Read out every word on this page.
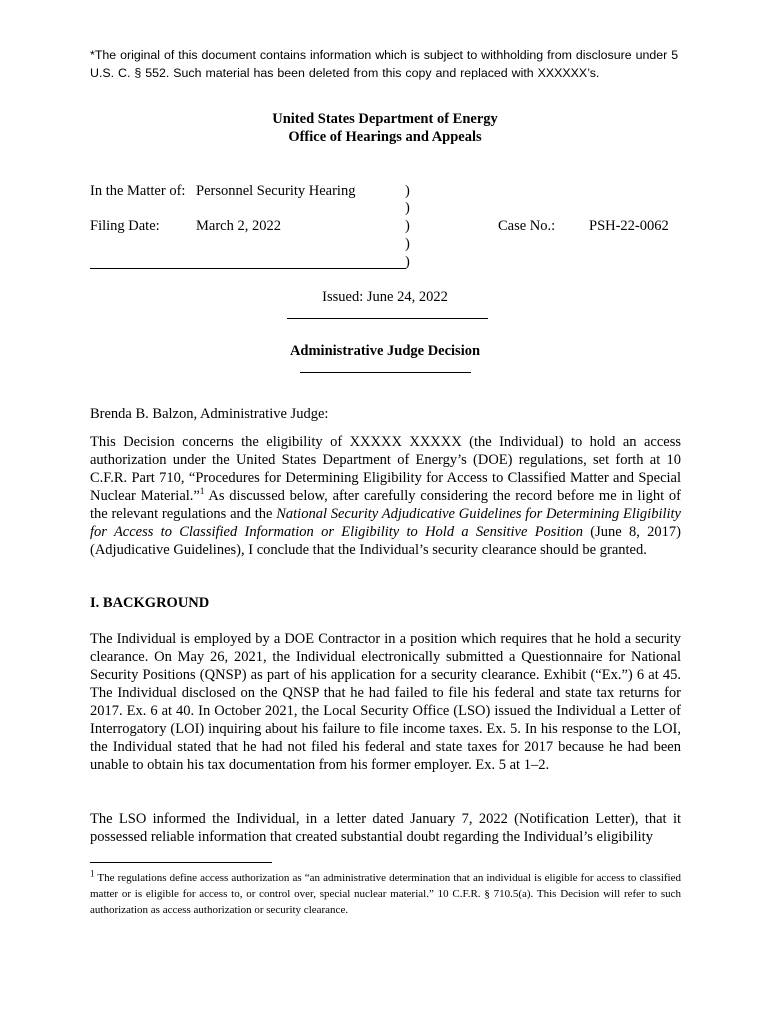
*The original of this document contains information which is subject to withholding from disclosure under 5 U.S. C. § 552. Such material has been deleted from this copy and replaced with XXXXXX’s.
United States Department of Energy
Office of Hearings and Appeals
In the Matter of: Personnel Security Hearing
Filing Date:	March 2, 2022	Case No.: PSH-22-0062
)
)
)
)
)
Issued: June 24, 2022
Administrative Judge Decision
Brenda B. Balzon, Administrative Judge:
This Decision concerns the eligibility of XXXXX XXXXX (the Individual) to hold an access authorization under the United States Department of Energy’s (DOE) regulations, set forth at 10 C.F.R. Part 710, “Procedures for Determining Eligibility for Access to Classified Matter and Special Nuclear Material.”$^1$ As discussed below, after carefully considering the record before me in light of the relevant regulations and the National Security Adjudicative Guidelines for Determining Eligibility for Access to Classified Information or Eligibility to Hold a Sensitive Position (June 8, 2017) (Adjudicative Guidelines), I conclude that the Individual’s security clearance should be granted.
I. BACKGROUND
The Individual is employed by a DOE Contractor in a position which requires that he hold a security clearance. On May 26, 2021, the Individual electronically submitted a Questionnaire for National Security Positions (QNSP) as part of his application for a security clearance. Exhibit (“Ex.”) 6 at 45. The Individual disclosed on the QNSP that he had failed to file his federal and state tax returns for 2017. Ex. 6 at 40. In October 2021, the Local Security Office (LSO) issued the Individual a Letter of Interrogatory (LOI) inquiring about his failure to file income taxes. Ex. 5. In his response to the LOI, the Individual stated that he had not filed his federal and state taxes for 2017 because he had been unable to obtain his tax documentation from his former employer. Ex. 5 at 1–2.
The LSO informed the Individual, in a letter dated January 7, 2022 (Notification Letter), that it possessed reliable information that created substantial doubt regarding the Individual’s eligibility
$^1$ The regulations define access authorization as “an administrative determination that an individual is eligible for access to classified matter or is eligible for access to, or control over, special nuclear material.” 10 C.F.R. § 710.5(a). This Decision will refer to such authorization as access authorization or security clearance.
